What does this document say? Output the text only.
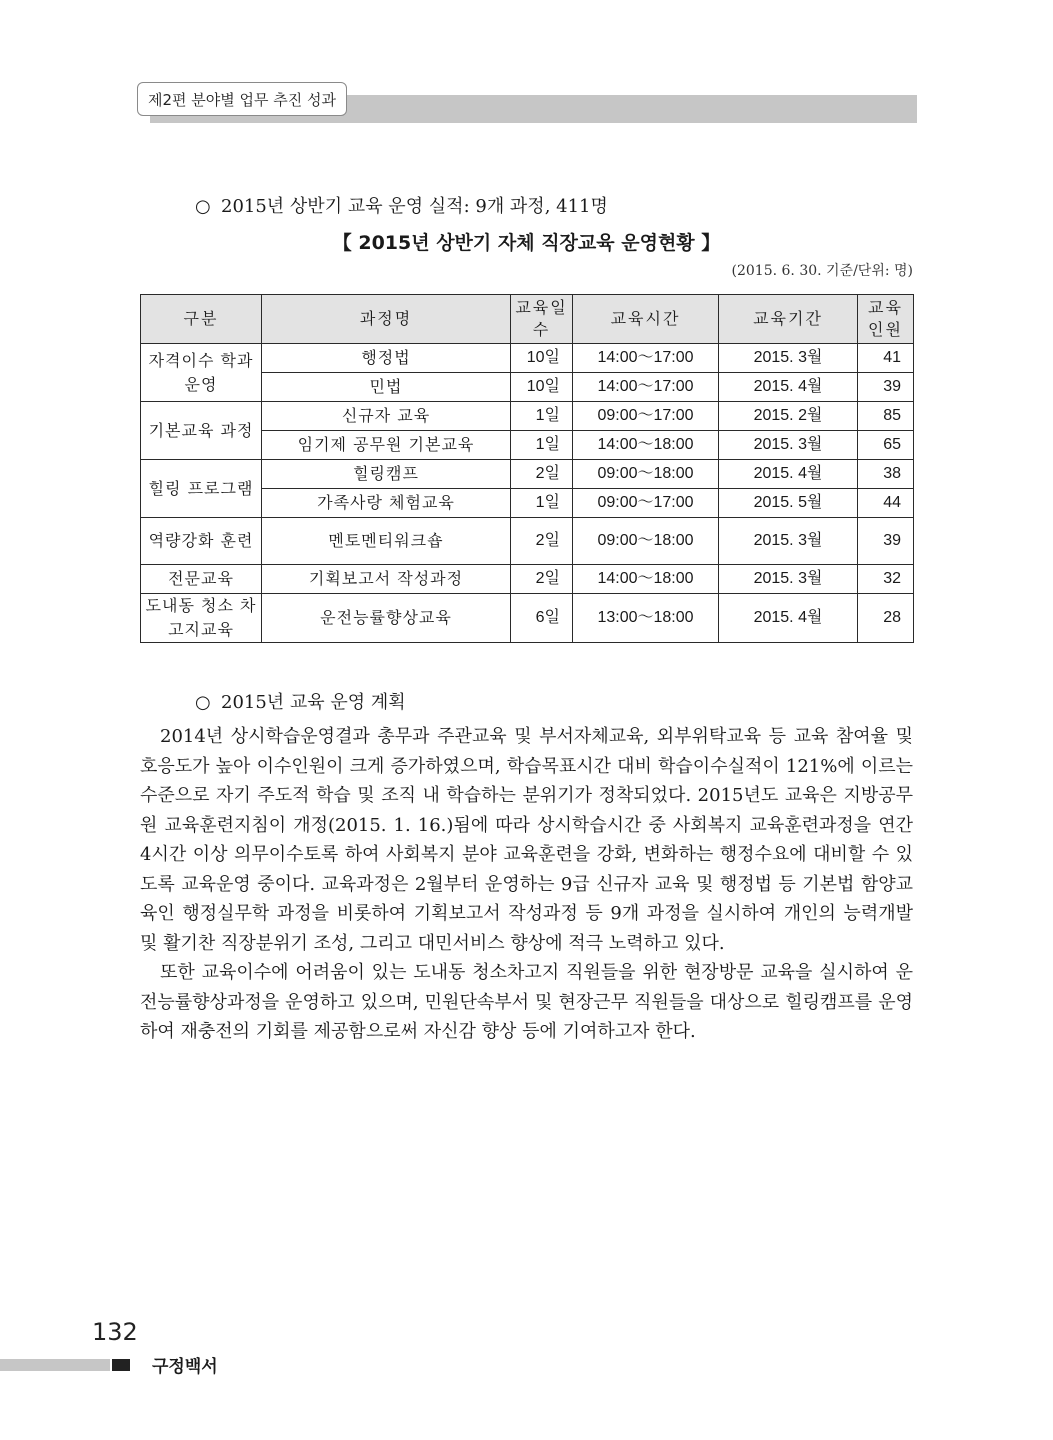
제2편 분야별 업무 추진 성과
○ 2015년 상반기 교육 운영 실적: 9개 과정, 411명
【 2015년 상반기 자체 직장교육 운영현황 】
(2015. 6. 30. 기준/단위: 명)
구분	과정명	교육일수	교육시간	교육기간	교육인원
자격이수 학과 운영	행정법	10일	14:00～17:00	2015. 3월	41
	민법	10일	14:00～17:00	2015. 4월	39
기본교육 과정	신규자 교육	1일	09:00～17:00	2015. 2월	85
	임기제 공무원 기본교육	1일	14:00～18:00	2015. 3월	65
힐링 프로그램	힐링캠프	2일	09:00～18:00	2015. 4월	38
	가족사랑 체험교육	1일	09:00～17:00	2015. 5월	44
역량강화 훈련	멘토멘티워크숍	2일	09:00～18:00	2015. 3월	39
전문교육	기획보고서 작성과정	2일	14:00～18:00	2015. 3월	32
도내동 청소 차고지교육	운전능률향상교육	6일	13:00～18:00	2015. 4월	28
○ 2015년 교육 운영 계획

2014년 상시학습운영결과 총무과 주관교육 및 부서자체교육, 외부위탁교육 등 교육 참여율 및 호응도가 높아 이수인원이 크게 증가하였으며, 학습목표시간 대비 학습이수실적이 121%에 이르는 수준으로 자기 주도적 학습 및 조직 내 학습하는 분위기가 정착되었다. 2015년도 교육은 지방공무원 교육훈련지침이 개정(2015. 1. 16.)됨에 따라 상시학습시간 중 사회복지 교육훈련과정을 연간 4시간 이상 의무이수토록 하여 사회복지 분야 교육훈련을 강화, 변화하는 행정수요에 대비할 수 있도록 교육운영 중이다. 교육과정은 2월부터 운영하는 9급 신규자 교육 및 행정법 등 기본법 함양교육인 행정실무학 과정을 비롯하여 기획보고서 작성과정 등 9개 과정을 실시하여 개인의 능력개발 및 활기찬 직장분위기 조성, 그리고 대민서비스 향상에 적극 노력하고 있다.

또한 교육이수에 어려움이 있는 도내동 청소차고지 직원들을 위한 현장방문 교육을 실시하여 운전능률향상과정을 운영하고 있으며, 민원단속부서 및 현장근무 직원들을 대상으로 힐링캠프를 운영하여 재충전의 기회를 제공함으로써 자신감 향상 등에 기여하고자 한다.

132
구정백서
